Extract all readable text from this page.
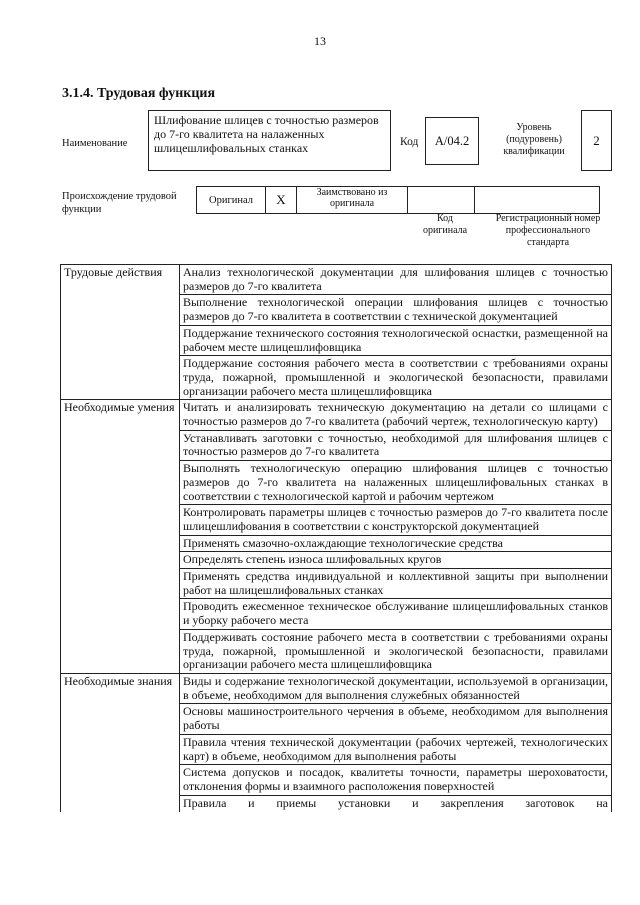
13
3.1.4. Трудовая функция
Наименование
Шлифование шлицев с точностью размеров до 7-го квалитета на налаженных шлицешлифовальных станках	Код A/04.2
Уровень (подуровень) квалификации
2
Происхождение трудовой функции
Оригинал	X	Заимствовано из оригинала		
Код оригинала
Регистрационный номер профессионального стандарта
Трудовые действия	Анализ технологической документации для шлифования шлицев с точностью размеров до 7-го квалитета
	Выполнение технологической операции шлифования шлицев с точностью размеров до 7-го квалитета в соответствии с технической документацией
	Поддержание технического состояния технологической оснастки, размещенной на рабочем месте шлицешлифовщика
	Поддержание состояния рабочего места в соответствии с требованиями охраны труда, пожарной, промышленной и экологической безопасности, правилами организации рабочего места шлицешлифовщика
Необходимые умения	Читать и анализировать техническую документацию на детали со шлицами с точностью размеров до 7-го квалитета (рабочий чертеж, технологическую карту)
	Устанавливать заготовки с точностью, необходимой для шлифования шлицев с точностью размеров до 7-го квалитета
	Выполнять технологическую операцию шлифования шлицев с точностью размеров до 7-го квалитета на налаженных шлицешлифовальных станках в соответствии с технологической картой и рабочим чертежом
	Контролировать параметры шлицев с точностью размеров до 7-го квалитета после шлицешлифования в соответствии с конструкторской документацией
	Применять смазочно-охлаждающие технологические средства
	Определять степень износа шлифовальных кругов
	Применять средства индивидуальной и коллективной защиты при выполнении работ на шлицешлифовальных станках
	Проводить ежесменное техническое обслуживание шлицешлифовальных станков и уборку рабочего места
	Поддерживать состояние рабочего места в соответствии с требованиями охраны труда, пожарной, промышленной и экологической безопасности, правилами организации рабочего места шлицешлифовщика
Необходимые знания	Виды и содержание технологической документации, используемой в организации, в объеме, необходимом для выполнения служебных обязанностей
	Основы машиностроительного черчения в объеме, необходимом для выполнения работы
	Правила чтения технической документации (рабочих чертежей, технологических карт) в объеме, необходимом для выполнения работы
	Система допусков и посадок, квалитеты точности, параметры шероховатости, отклонения формы и взаимного расположения поверхностей

	Правила и приемы установки и закрепления заготовок на
